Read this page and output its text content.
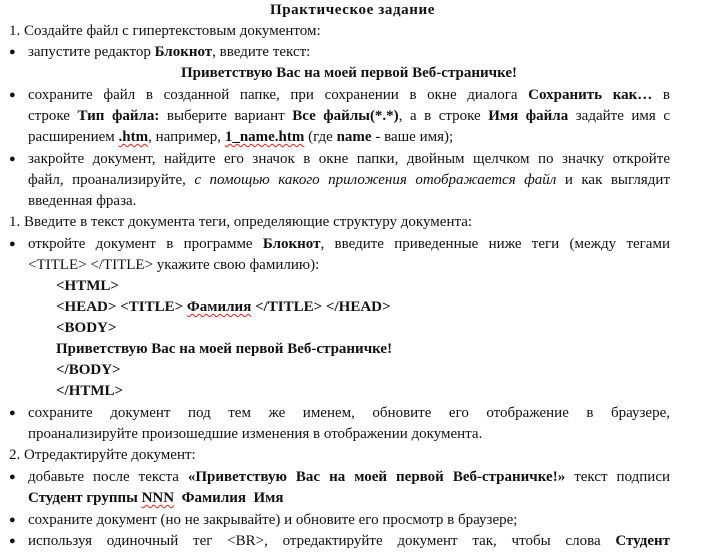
Практическое задание
1. Создайте файл с гипертекстовым документом:
● запустите редактор Блокнот, введите текст:
Приветствую Вас на моей первой Веб-страничке!
● сохраните файл в созданной папке, при сохранении в окне диалога Сохранить как… в
строке Тип файла: выберите вариант Все файлы(*.*), а в строке Имя файла задайте имя с
расширением .htm, например, 1_name.htm (где name - ваше имя);
● закройте документ, найдите его значок в окне папки, двойным щелчком по значку откройте
файл, проанализируйте, с помощью какого приложения отображается файл и как выглядит
введенная фраза.
1. Введите в текст документа теги, определяющие структуру документа:
● откройте документ в программе Блокнот, введите приведенные ниже теги (между тегами
<TITLE> </TITLE> укажите свою фамилию):
<HTML>
<HEAD> <TITLE> Фамилия </TITLE> </HEAD>
<BODY>
Приветствую Вас на моей первой Веб-страничке!
</BODY>
</HTML>
● сохраните документ под тем же именем, обновите его отображение в браузере,
проанализируйте произошедшие изменения в отображении документа.
2. Отредактируйте документ:
● добавьте после текста «Приветствую Вас на моей первой Веб-страничке!» текст подписи
Студент группы NNN  Фамилия  Имя
● сохраните документ (но не закрывайте) и обновите его просмотр в браузере;
● используя одиночный тег <BR>, отредактируйте документ так, чтобы слова Студент
